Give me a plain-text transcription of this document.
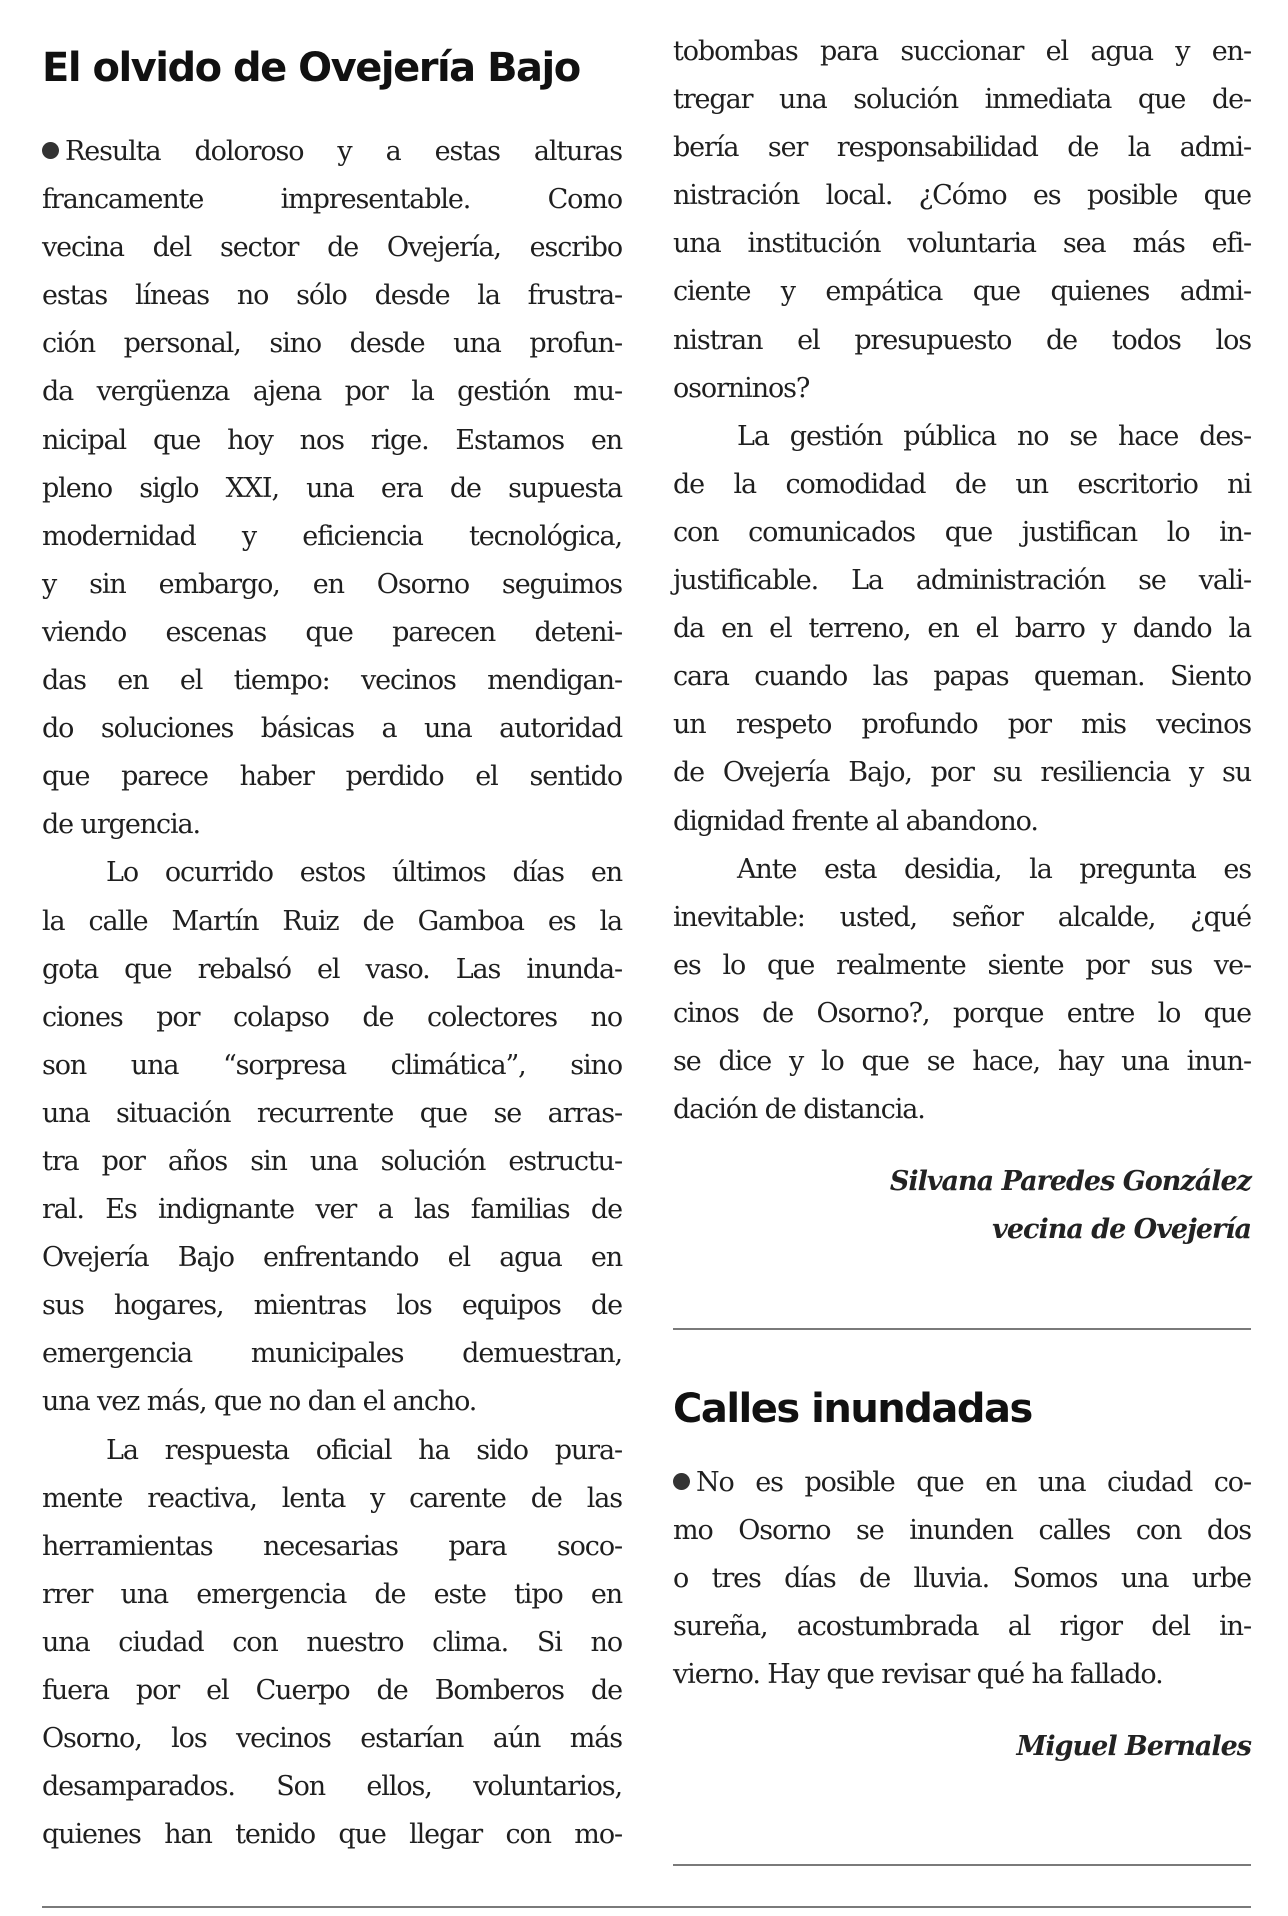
El olvido de Ovejería Bajo
Resulta doloroso y a estas alturas
francamente impresentable. Como
vecina del sector de Ovejería, escribo
estas líneas no sólo desde la frustra-
ción personal, sino desde una profun-
da vergüenza ajena por la gestión mu-
nicipal que hoy nos rige. Estamos en
pleno siglo XXI, una era de supuesta
modernidad y eficiencia tecnológica,
y sin embargo, en Osorno seguimos
viendo escenas que parecen deteni-
das en el tiempo: vecinos mendigan-
do soluciones básicas a una autoridad
que parece haber perdido el sentido
de urgencia.
Lo ocurrido estos últimos días en
la calle Martín Ruiz de Gamboa es la
gota que rebalsó el vaso. Las inunda-
ciones por colapso de colectores no
son una “sorpresa climática”, sino
una situación recurrente que se arras-
tra por años sin una solución estructu-
ral. Es indignante ver a las familias de
Ovejería Bajo enfrentando el agua en
sus hogares, mientras los equipos de
emergencia municipales demuestran,
una vez más, que no dan el ancho.
La respuesta oficial ha sido pura-
mente reactiva, lenta y carente de las
herramientas necesarias para soco-
rrer una emergencia de este tipo en
una ciudad con nuestro clima. Si no
fuera por el Cuerpo de Bomberos de
Osorno, los vecinos estarían aún más
desamparados. Son ellos, voluntarios,
quienes han tenido que llegar con mo-
tobombas para succionar el agua y en-
tregar una solución inmediata que de-
bería ser responsabilidad de la admi-
nistración local. ¿Cómo es posible que
una institución voluntaria sea más efi-
ciente y empática que quienes admi-
nistran el presupuesto de todos los
osorninos?
La gestión pública no se hace des-
de la comodidad de un escritorio ni
con comunicados que justifican lo in-
justificable. La administración se vali-
da en el terreno, en el barro y dando la
cara cuando las papas queman. Siento
un respeto profundo por mis vecinos
de Ovejería Bajo, por su resiliencia y su
dignidad frente al abandono.
Ante esta desidia, la pregunta es
inevitable: usted, señor alcalde, ¿qué
es lo que realmente siente por sus ve-
cinos de Osorno?, porque entre lo que
se dice y lo que se hace, hay una inun-
dación de distancia.
Silvana Paredes González
vecina de Ovejería
Calles inundadas
No es posible que en una ciudad co-
mo Osorno se inunden calles con dos
o tres días de lluvia. Somos una urbe
sureña, acostumbrada al rigor del in-
vierno. Hay que revisar qué ha fallado.
Miguel Bernales
